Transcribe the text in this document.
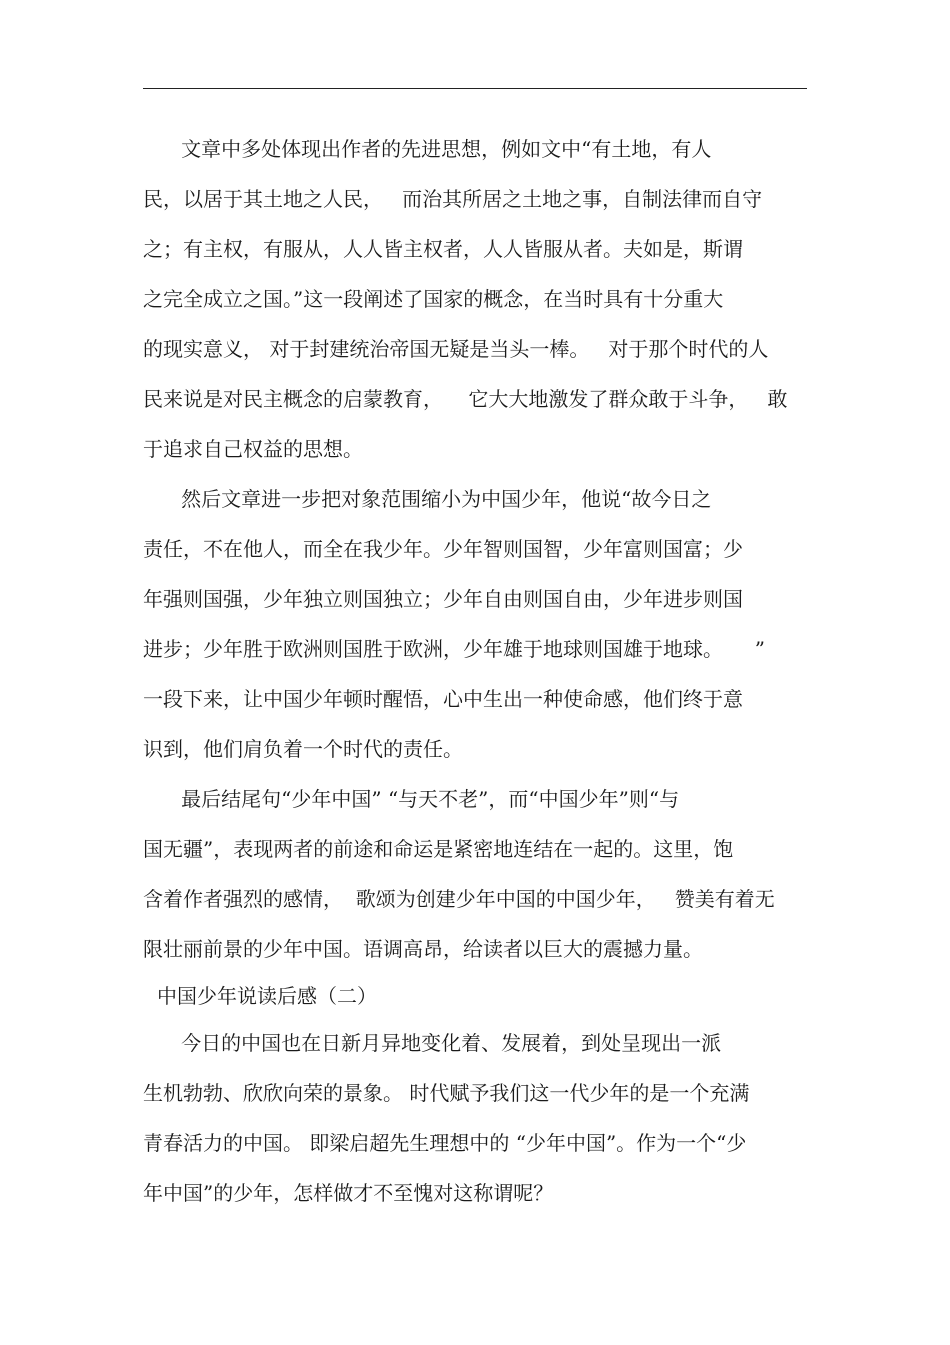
文章中多处体现出作者的先进思想，例如文中“有土地，有人
民，以居于其土地之人民，   而治其所居之土地之事，自制法律而自守
之；有主权，有服从，人人皆主权者，人人皆服从者。夫如是，斯谓
之完全成立之国。”这一段阐述了国家的概念，在当时具有十分重大
的现实意义， 对于封建统治帝国无疑是当头一棒。   对于那个时代的人
民来说是对民主概念的启蒙教育，    它大大地激发了群众敢于斗争，   敢
于追求自己权益的思想。

然后文章进一步把对象范围缩小为中国少年，他说“故今日之
责任，不在他人，而全在我少年。少年智则国智，少年富则国富；少
年强则国强，少年独立则国独立；少年自由则国自由，少年进步则国
进步；少年胜于欧洲则国胜于欧洲，少年雄于地球则国雄于地球。     ”
一段下来，让中国少年顿时醒悟，心中生出一种使命感，他们终于意
识到，他们肩负着一个时代的责任。

最后结尾句“少年中国” “与天不老”，而“中国少年”则“与
国无疆”，表现两者的前途和命运是紧密地连结在一起的。这里，饱
含着作者强烈的感情，  歌颂为创建少年中国的中国少年，   赞美有着无
限壮丽前景的少年中国。语调高昂，给读者以巨大的震撼力量。

中国少年说读后感（二）

今日的中国也在日新月异地变化着、发展着，到处呈现出一派
生机勃勃、欣欣向荣的景象。 时代赋予我们这一代少年的是一个充满
青春活力的中国。 即梁启超先生理想中的 “少年中国”。作为一个“少
年中国”的少年，怎样做才不至愧对这称谓呢？
